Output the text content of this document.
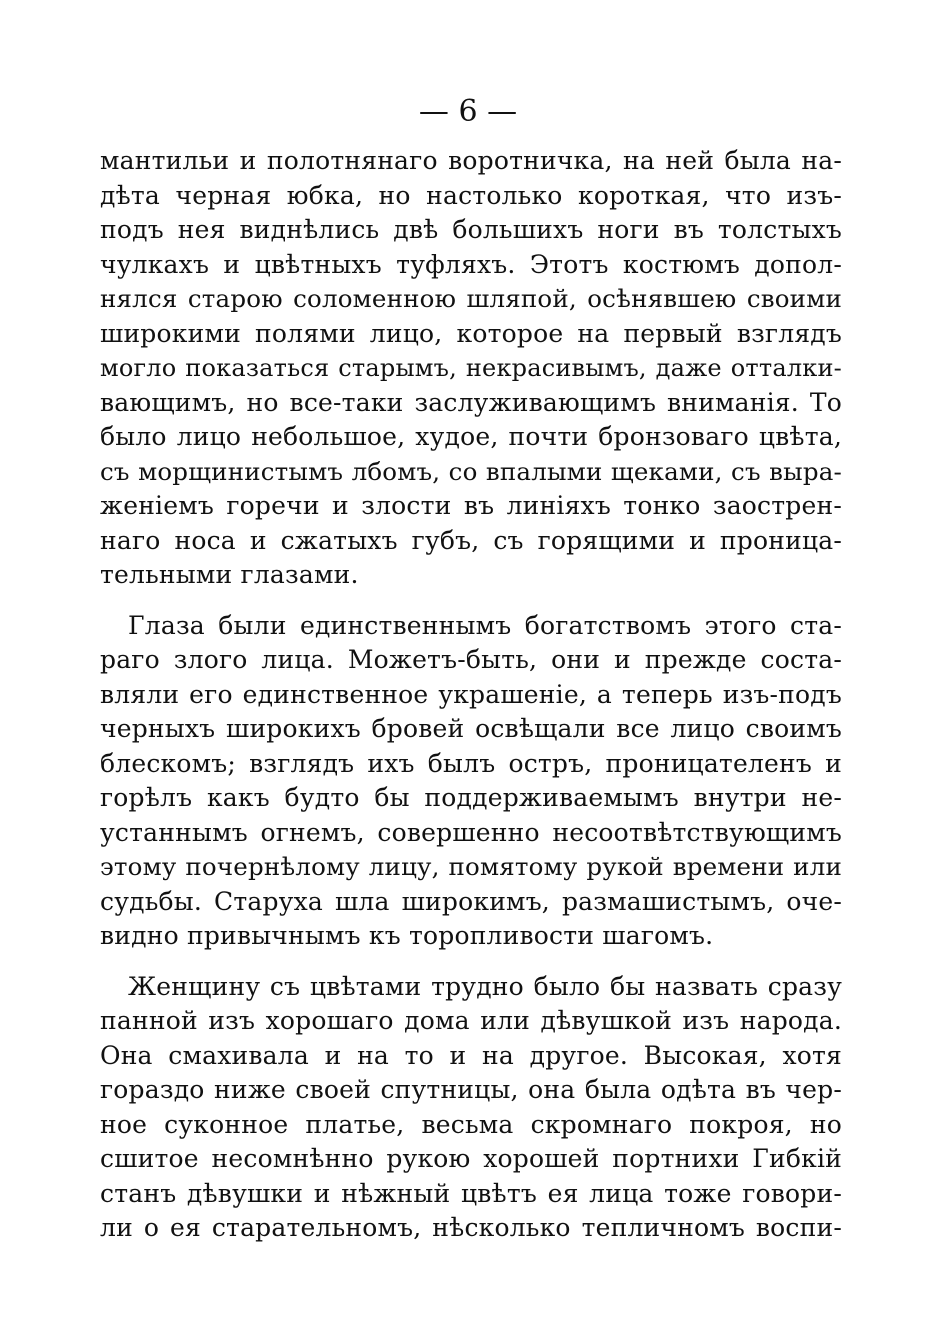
— 6 —
мантильи и полотнянаго воротничка, на ней была на-
дѣта черная юбка, но настолько короткая, что изъ-
подъ нея виднѣлись двѣ большихъ ноги въ толстыхъ
чулкахъ и цвѣтныхъ туфляхъ. Этотъ костюмъ допол-
нялся старою соломенною шляпой, осѣнявшею своими
широкими полями лицо, которое на первый взглядъ
могло показаться старымъ, некрасивымъ, даже отталки-
вающимъ, но все-таки заслуживающимъ вниманія. То
было лицо небольшое, худое, почти бронзоваго цвѣта,
съ морщинистымъ лбомъ, со впалыми щеками, съ выра-
женіемъ горечи и злости въ линіяхъ тонко заострен-
наго носа и сжатыхъ губъ, съ горящими и проница-
тельными глазами.
Глаза были единственнымъ богатствомъ этого ста-
раго злого лица. Можетъ-быть, они и прежде соста-
вляли его единственное украшеніе, а теперь изъ-подъ
черныхъ широкихъ бровей освѣщали все лицо своимъ
блескомъ; взглядъ ихъ былъ остръ, проницателенъ и
горѣлъ какъ будто бы поддерживаемымъ внутри не-
устаннымъ огнемъ, совершенно несоотвѣтствующимъ
этому почернѣлому лицу, помятому рукой времени или
судьбы. Старуха шла широкимъ, размашистымъ, оче-
видно привычнымъ къ торопливости шагомъ.
Женщину съ цвѣтами трудно было бы назвать сразу
панной изъ хорошаго дома или дѣвушкой изъ народа.
Она смахивала и на то и на другое. Высокая, хотя
гораздо ниже своей спутницы, она была одѣта въ чер-
ное суконное платье, весьма скромнаго покроя, но
сшитое несомнѣнно рукою хорошей портнихи Гибкій
станъ дѣвушки и нѣжный цвѣтъ ея лица тоже говори-
ли о ея старательномъ, нѣсколько тепличномъ воспи-
